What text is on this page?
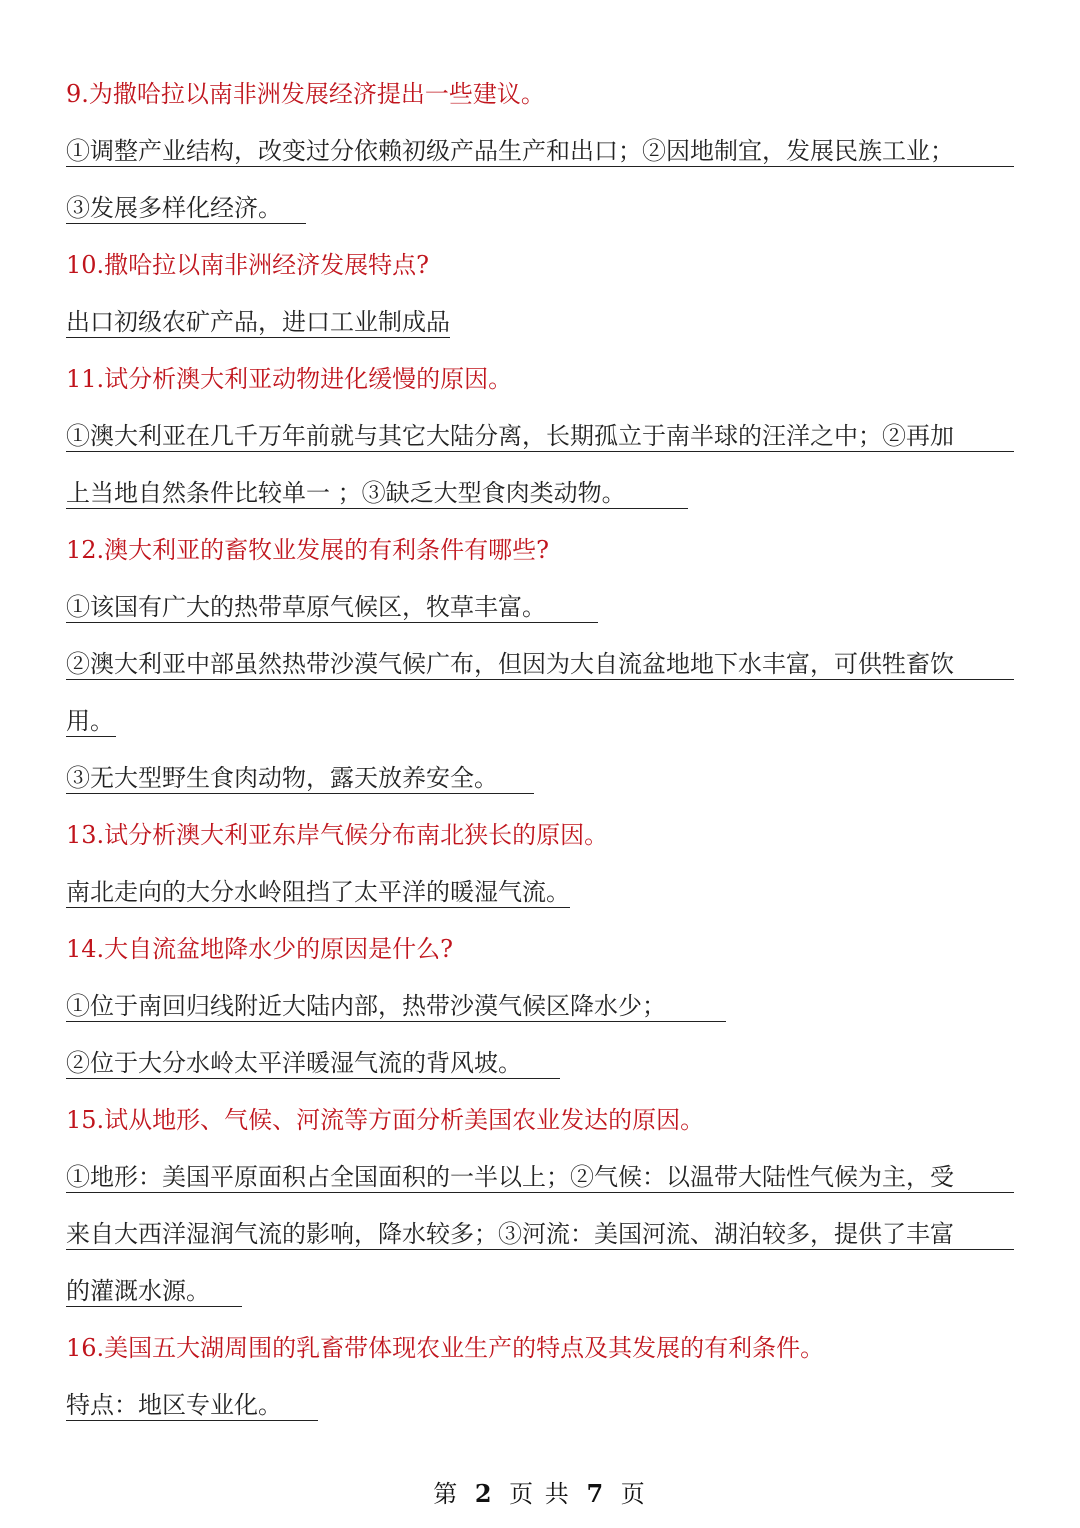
9.为撒哈拉以南非洲发展经济提出一些建议。
①调整产业结构，改变过分依赖初级产品生产和出口；②因地制宜，发展民族工业；
③发展多样化经济。
10.撒哈拉以南非洲经济发展特点?
出口初级农矿产品，进口工业制成品
11.试分析澳大利亚动物进化缓慢的原因。
①澳大利亚在几千万年前就与其它大陆分离，长期孤立于南半球的汪洋之中；②再加
上当地自然条件比较单一 ；③缺乏大型食肉类动物。
12.澳大利亚的畜牧业发展的有利条件有哪些?
①该国有广大的热带草原气候区，牧草丰富。
②澳大利亚中部虽然热带沙漠气候广布，但因为大自流盆地地下水丰富，可供牲畜饮
用。
③无大型野生食肉动物，露天放养安全。
13.试分析澳大利亚东岸气候分布南北狭长的原因。
南北走向的大分水岭阻挡了太平洋的暖湿气流。
14.大自流盆地降水少的原因是什么?
①位于南回归线附近大陆内部，热带沙漠气候区降水少；
②位于大分水岭太平洋暖湿气流的背风坡。
15.试从地形、气候、河流等方面分析美国农业发达的原因。
①地形：美国平原面积占全国面积的一半以上；②气候：以温带大陆性气候为主，受
来自大西洋湿润气流的影响，降水较多；③河流：美国河流、湖泊较多，提供了丰富
的灌溉水源。
16.美国五大湖周围的乳畜带体现农业生产的特点及其发展的有利条件。
特点：地区专业化。
第 2 页 共 7 页
